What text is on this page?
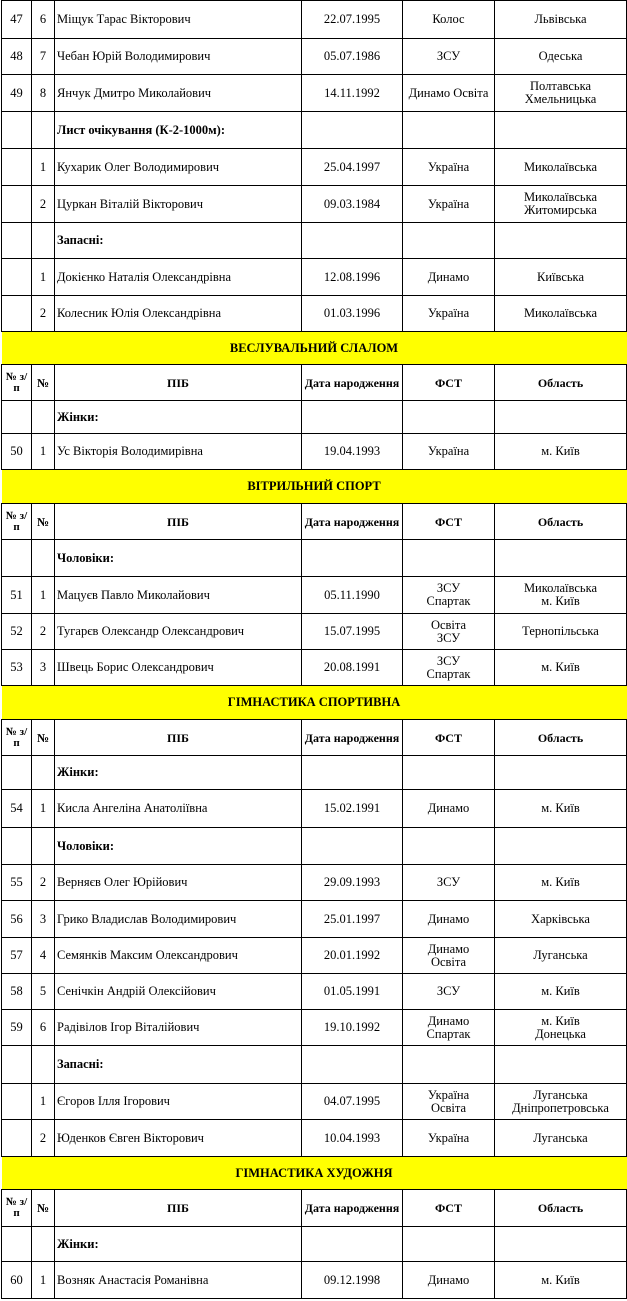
47	6	Міщук Тарас Вікторович	22.07.1995	Колос	Львівська

48	7	Чебан Юрій Володимирович	05.07.1986	ЗСУ	Одеська

49	8	Янчук Дмитро Миколайович	14.11.1992	Динамо Освіта	Полтавська
Хмельницька

		Лист очікування (К-2-1000м):			
	1	Кухарик Олег Володимирович	25.04.1997	Україна	Миколаївська

	2	Цуркан Віталій Вікторович	09.03.1984	Україна	Миколаївська
Житомирська

		Запасні:			
	1	Докієнко Наталія Олександрівна	12.08.1996	Динамо	Київська

	2	Колесник Юлія Олександрівна	01.03.1996	Україна	Миколаївська

ВЕСЛУВАЛЬНИЙ СЛАЛОМ					
№ з/п	№	ПІБ	Дата народження	ФСТ	Область
		Жінки:			
50	1	Ус Вікторія Володимирівна	19.04.1993	Україна	м. Київ

ВІТРИЛЬНИЙ СПОРТ					
№ з/п	№	ПІБ	Дата народження	ФСТ	Область
		Чоловіки:			
51	1	Мацуєв Павло Миколайович	05.11.1990	ЗСУ
Спартак	Миколаївська
м. Київ

52	2	Тугарєв Олександр Олександрович	15.07.1995	Освіта
ЗСУ	Тернопільська

53	3	Швець Борис Олександрович	20.08.1991	ЗСУ
Спартак	м. Київ

ГІМНАСТИКА СПОРТИВНА					
№ з/п	№	ПІБ	Дата народження	ФСТ	Область
		Жінки:			
54	1	Кисла Ангеліна Анатоліївна	15.02.1991	Динамо	м. Київ

		Чоловіки:			
55	2	Верняєв Олег Юрійович	29.09.1993	ЗСУ	м. Київ

56	3	Грико Владислав Володимирович	25.01.1997	Динамо	Харківська

57	4	Семянків Максим Олександрович	20.01.1992	Динамо
Освіта	Луганська

58	5	Сенічкін Андрій Олексійович	01.05.1991	ЗСУ	м. Київ

59	6	Радівілов Ігор Віталійович	19.10.1992	Динамо
Спартак	м. Київ
Донецька

		Запасні:			
	1	Єгоров Ілля Ігорович	04.07.1995	Україна
Освіта	Луганська
Дніпропетровська

	2	Юденков Євген Вікторович	10.04.1993	Україна	Луганська

ГІМНАСТИКА ХУДОЖНЯ					
№ з/п	№	ПІБ	Дата народження	ФСТ	Область
		Жінки:			
60	1	Возняк Анастасія Романівна	09.12.1998	Динамо	м. Київ
